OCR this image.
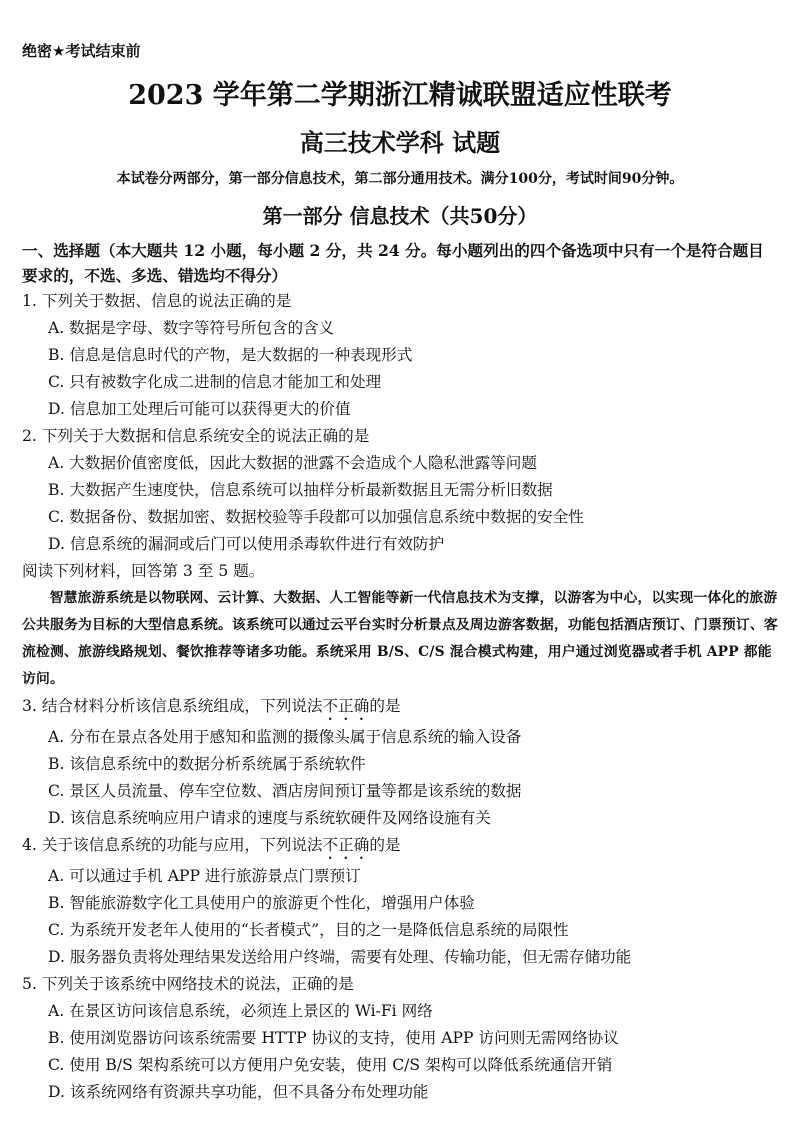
绝密★考试结束前
2023 学年第二学期浙江精诚联盟适应性联考
高三技术学科 试题
本试卷分两部分，第一部分信息技术，第二部分通用技术。满分100分，考试时间90分钟。
第一部分 信息技术（共50分）
一、选择题（本大题共 12 小题，每小题 2 分，共 24 分。每小题列出的四个备选项中只有一个是符合题目要求的，不选、多选、错选均不得分）
1. 下列关于数据、信息的说法正确的是
A. 数据是字母、数字等符号所包含的含义
B. 信息是信息时代的产物，是大数据的一种表现形式
C. 只有被数字化成二进制的信息才能加工和处理
D. 信息加工处理后可能可以获得更大的价值
2. 下列关于大数据和信息系统安全的说法正确的是
A. 大数据价值密度低，因此大数据的泄露不会造成个人隐私泄露等问题
B. 大数据产生速度快，信息系统可以抽样分析最新数据且无需分析旧数据
C. 数据备份、数据加密、数据校验等手段都可以加强信息系统中数据的安全性
D. 信息系统的漏洞或后门可以使用杀毒软件进行有效防护
阅读下列材料，回答第 3 至 5 题。
智慧旅游系统是以物联网、云计算、大数据、人工智能等新一代信息技术为支撑，以游客为中心，以实现一体化的旅游公共服务为目标的大型信息系统。该系统可以通过云平台实时分析景点及周边游客数据，功能包括酒店预订、门票预订、客流检测、旅游线路规划、餐饮推荐等诸多功能。系统采用 B/S、C/S 混合模式构建，用户通过浏览器或者手机 APP 都能访问。
3. 结合材料分析该信息系统组成，下列说法不正确的是
A. 分布在景点各处用于感知和监测的摄像头属于信息系统的输入设备
B. 该信息系统中的数据分析系统属于系统软件
C. 景区人员流量、停车空位数、酒店房间预订量等都是该系统的数据
D. 该信息系统响应用户请求的速度与系统软硬件及网络设施有关
4. 关于该信息系统的功能与应用，下列说法不正确的是
A. 可以通过手机 APP 进行旅游景点门票预订
B. 智能旅游数字化工具使用户的旅游更个性化，增强用户体验
C. 为系统开发老年人使用的“长者模式”，目的之一是降低信息系统的局限性
D. 服务器负责将处理结果发送给用户终端，需要有处理、传输功能，但无需存储功能
5. 下列关于该系统中网络技术的说法，正确的是
A. 在景区访问该信息系统，必须连上景区的 Wi-Fi 网络
B. 使用浏览器访问该系统需要 HTTP 协议的支持，使用 APP 访问则无需网络协议
C. 使用 B/S 架构系统可以方便用户免安装，使用 C/S 架构可以降低系统通信开销
D. 该系统网络有资源共享功能，但不具备分布处理功能
